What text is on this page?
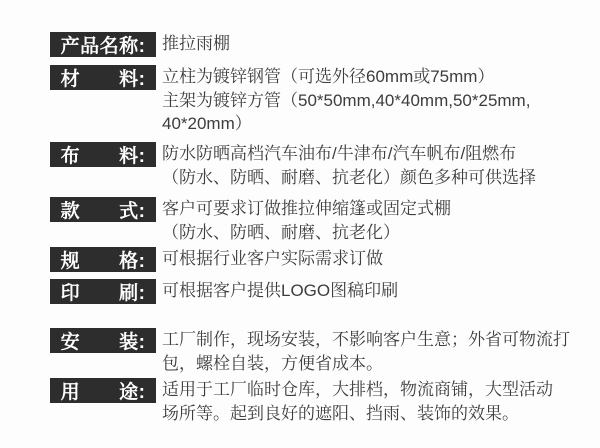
产品名称: 推拉雨棚
材　　料: 立柱为镀锌钢管（可选外径60mm或75mm）
主架为镀锌方管（50*50mm,40*40mm,50*25mm,
40*20mm）
布　　料: 防水防晒高档汽车油布/牛津布/汽车帆布/阻燃布
（防水、防晒、耐磨、抗老化）颜色多种可供选择
款　　式: 客户可要求订做推拉伸缩篷或固定式棚
（防水、防晒、耐磨、抗老化）
规　　格: 可根据行业客户实际需求订做
印　　刷: 可根据客户提供LOGO图稿印刷
安　　装: 工厂制作，现场安装，不影响客户生意；外省可物流打
包，螺栓自装，方便省成本。
用　　途: 适用于工厂临时仓库，大排档，物流商铺，大型活动
场所等。起到良好的遮阳、挡雨、装饰的效果。
